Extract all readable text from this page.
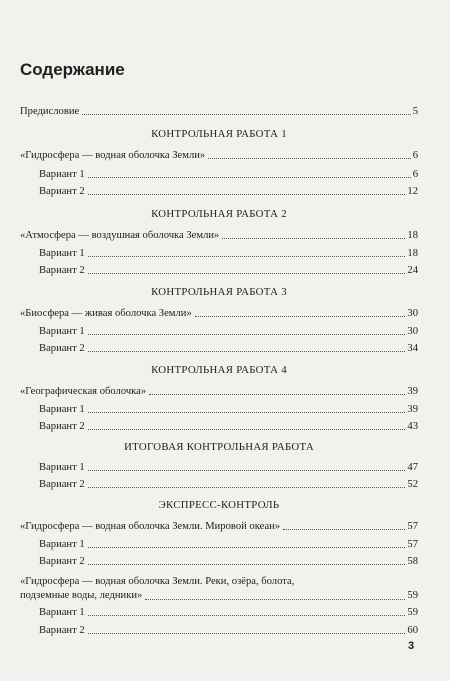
Содержание
Предисловие	5
КОНТРОЛЬНАЯ РАБОТА 1
«Гидросфера — водная оболочка Земли»	6
Вариант 1	6
Вариант 2	12
КОНТРОЛЬНАЯ РАБОТА 2
«Атмосфера — воздушная оболочка Земли»	18
Вариант 1	18
Вариант 2	24
КОНТРОЛЬНАЯ РАБОТА 3
«Биосфера — живая оболочка Земли»	30
Вариант 1	30
Вариант 2	34
КОНТРОЛЬНАЯ РАБОТА 4
«Географическая оболочка»	39
Вариант 1	39
Вариант 2	43
ИТОГОВАЯ КОНТРОЛЬНАЯ РАБОТА
Вариант 1	47
Вариант 2	52
ЭКСПРЕСС-КОНТРОЛЬ
«Гидросфера — водная оболочка Земли. Мировой океан»	57
Вариант 1	57
Вариант 2	58
«Гидросфера — водная оболочка Земли. Реки, озёра, болота,
подземные воды, ледники»	59
Вариант 1	59
Вариант 2	60
3
